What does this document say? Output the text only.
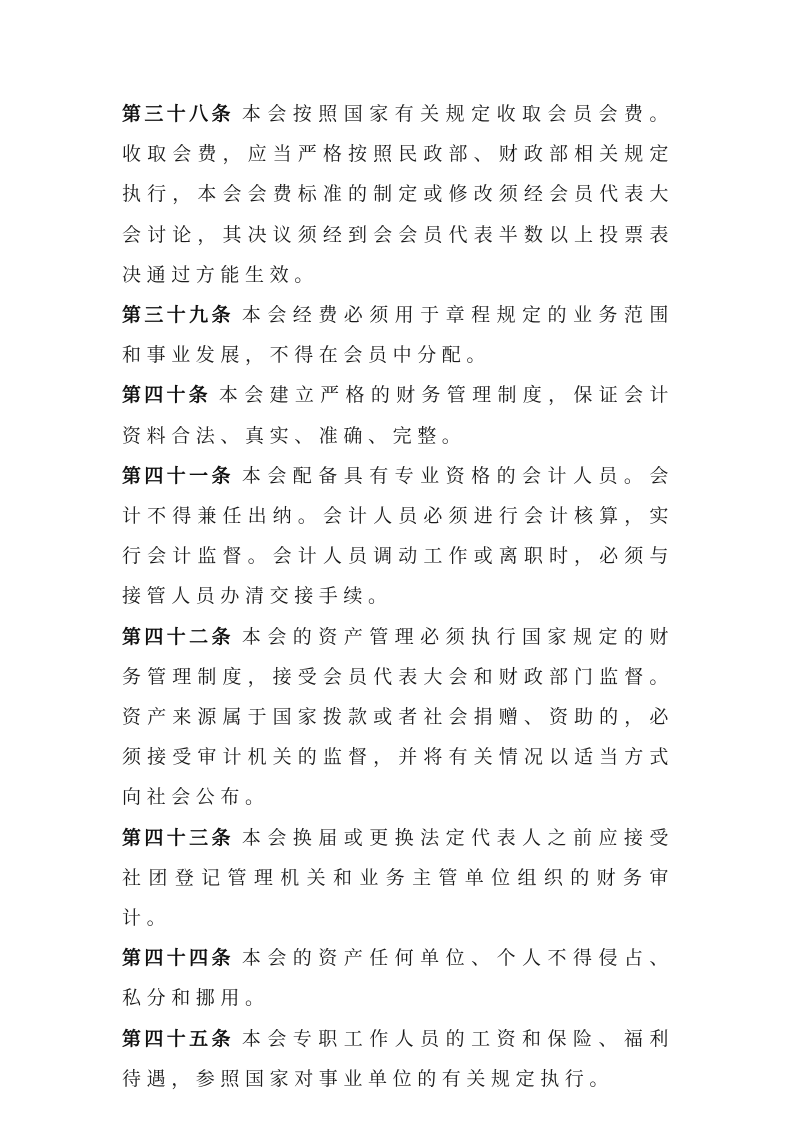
第三十八条 本会按照国家有关规定收取会员会费。收取会费，应当严格按照民政部、财政部相关规定执行，本会会费标准的制定或修改须经会员代表大会讨论，其决议须经到会会员代表半数以上投票表决通过方能生效。

第三十九条 本会经费必须用于章程规定的业务范围和事业发展，不得在会员中分配。

第四十条 本会建立严格的财务管理制度，保证会计资料合法、真实、准确、完整。

第四十一条 本会配备具有专业资格的会计人员。会计不得兼任出纳。会计人员必须进行会计核算，实行会计监督。会计人员调动工作或离职时，必须与接管人员办清交接手续。

第四十二条 本会的资产管理必须执行国家规定的财务管理制度，接受会员代表大会和财政部门监督。资产来源属于国家拨款或者社会捐赠、资助的，必须接受审计机关的监督，并将有关情况以适当方式向社会公布。

第四十三条 本会换届或更换法定代表人之前应接受社团登记管理机关和业务主管单位组织的财务审计。

第四十四条 本会的资产任何单位、个人不得侵占、私分和挪用。

第四十五条 本会专职工作人员的工资和保险、福利待遇，参照国家对事业单位的有关规定执行。
